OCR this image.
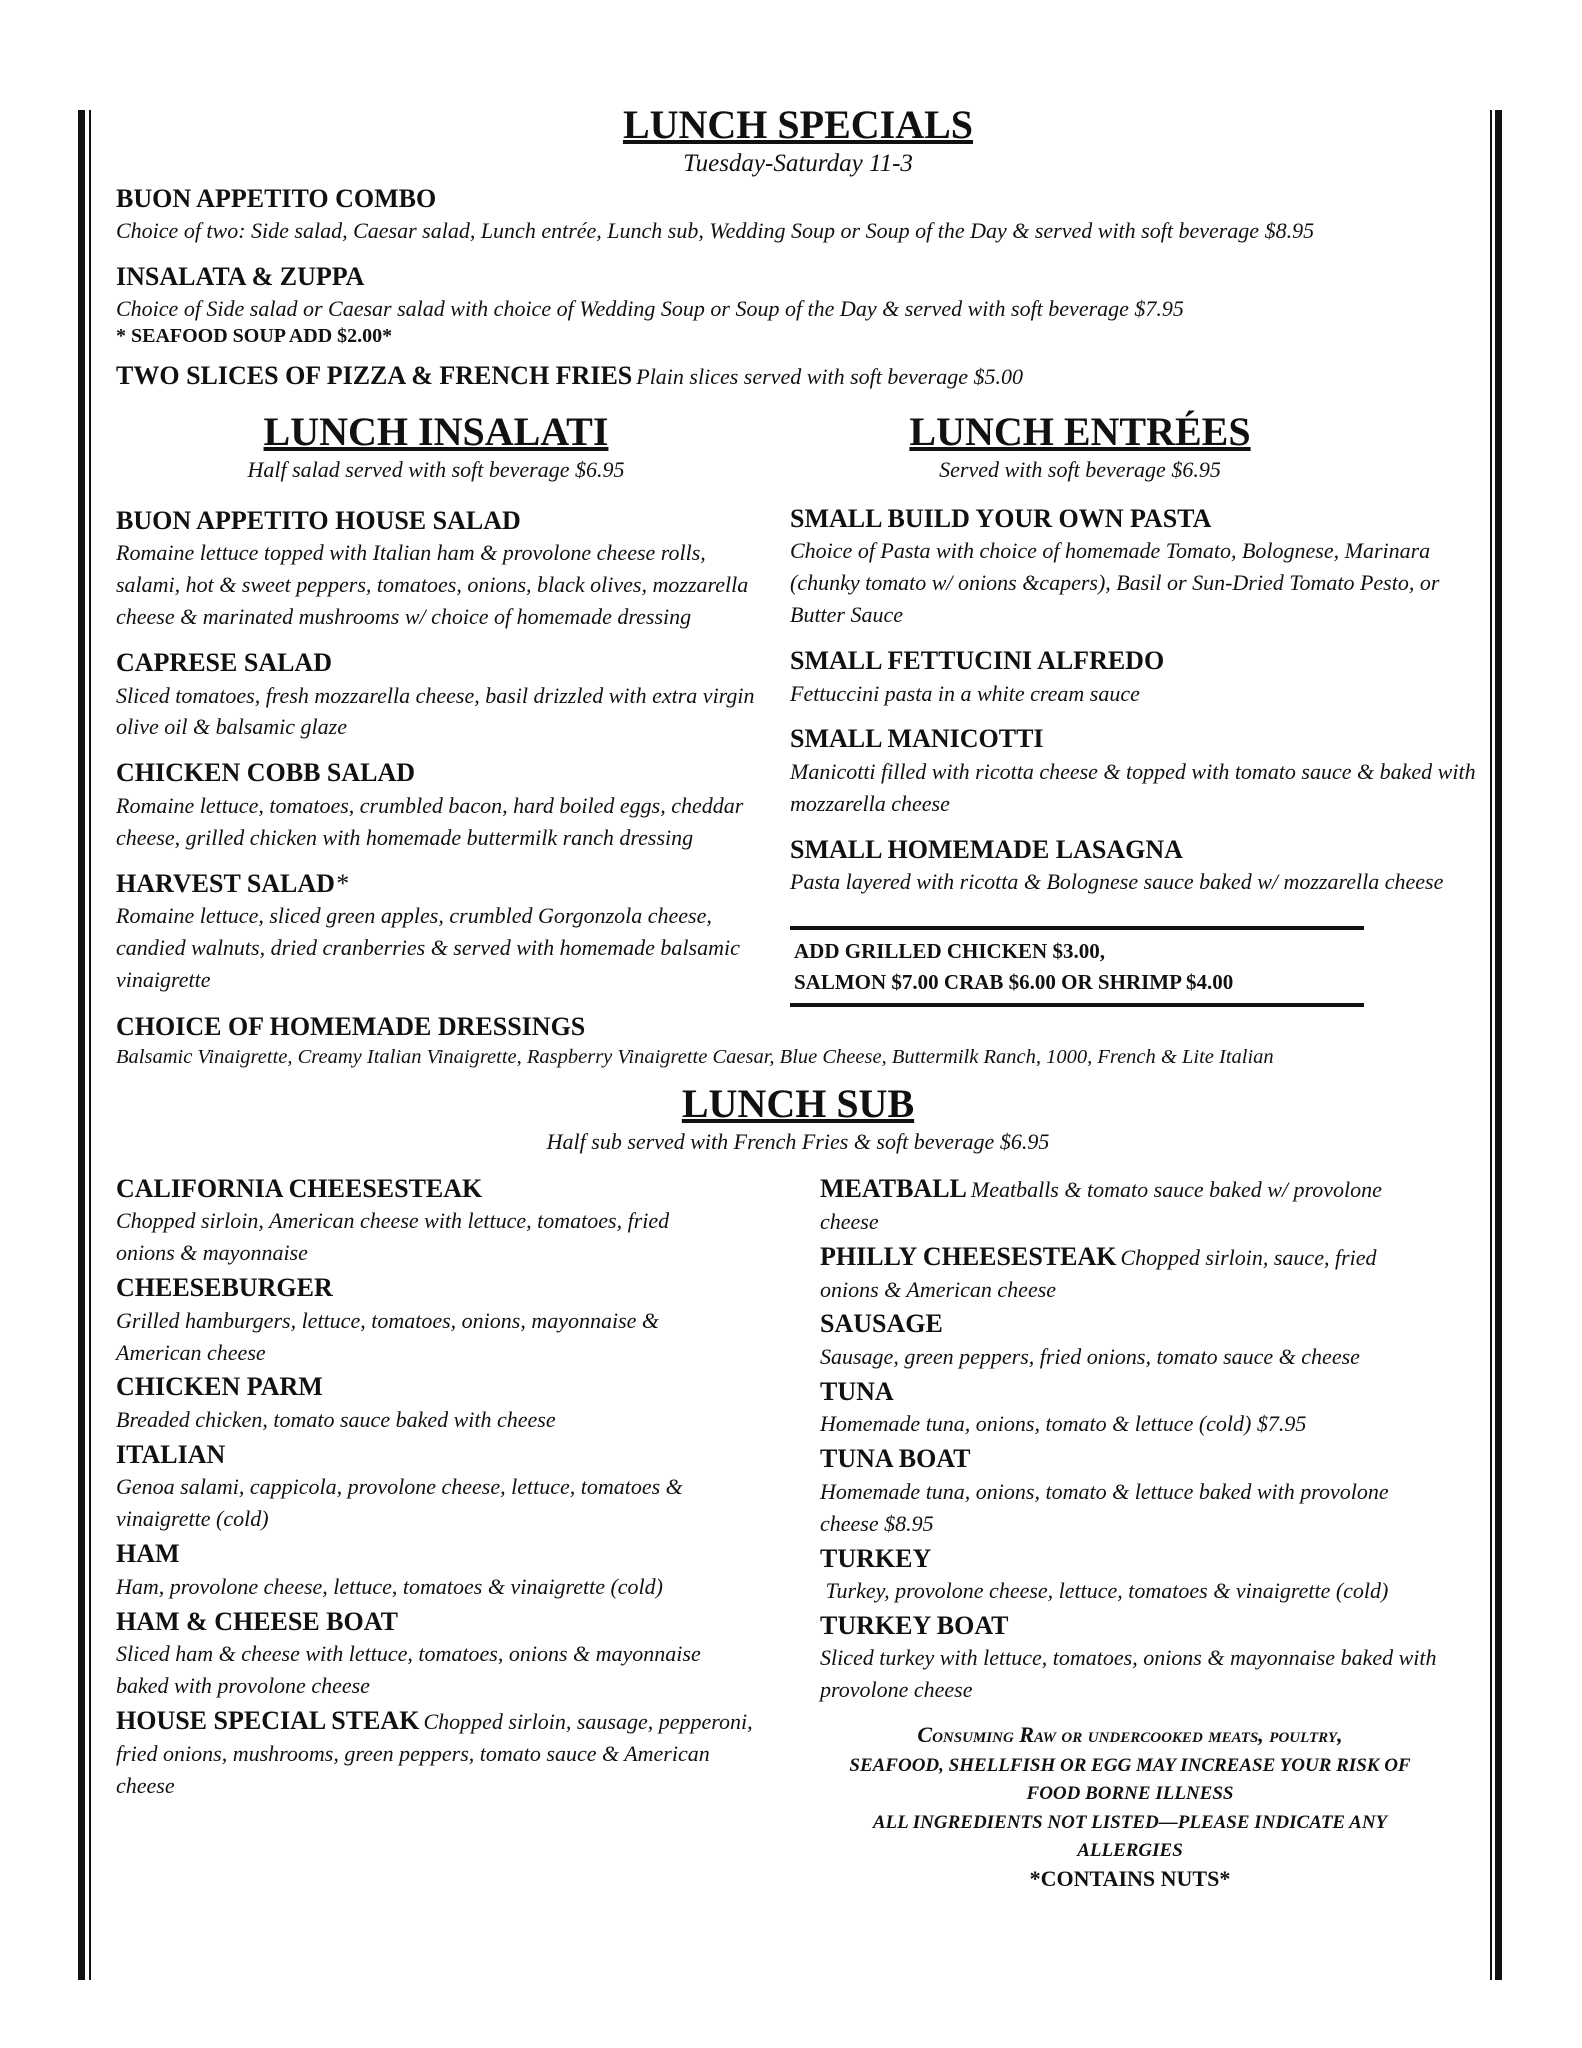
LUNCH SPECIALS
Tuesday-Saturday 11-3
BUON APPETITO COMBO
Choice of two: Side salad, Caesar salad, Lunch entrée, Lunch sub, Wedding Soup or Soup of the Day & served with soft beverage $8.95
INSALATA & ZUPPA
Choice of Side salad or Caesar salad with choice of Wedding Soup or Soup of the Day & served with soft beverage $7.95
* SEAFOOD SOUP ADD $2.00*
TWO SLICES OF PIZZA & FRENCH FRIES Plain slices served with soft beverage $5.00
LUNCH INSALATI
Half salad served with soft beverage $6.95
BUON APPETITO HOUSE SALAD
Romaine lettuce topped with Italian ham & provolone cheese rolls, salami, hot & sweet peppers, tomatoes, onions, black olives, mozzarella cheese & marinated mushrooms w/ choice of homemade dressing
CAPRESE SALAD
Sliced tomatoes, fresh mozzarella cheese, basil drizzled with extra virgin olive oil & balsamic glaze
CHICKEN COBB SALAD
Romaine lettuce, tomatoes, crumbled bacon, hard boiled eggs, cheddar cheese, grilled chicken with homemade buttermilk ranch dressing
HARVEST SALAD*
Romaine lettuce, sliced green apples, crumbled Gorgonzola cheese, candied walnuts, dried cranberries & served with homemade balsamic vinaigrette
LUNCH ENTRÉES
Served with soft beverage $6.95
SMALL BUILD YOUR OWN PASTA
Choice of Pasta with choice of homemade Tomato, Bolognese, Marinara (chunky tomato w/ onions &capers), Basil or Sun-Dried Tomato Pesto, or Butter Sauce
SMALL FETTUCINI ALFREDO
Fettuccini pasta in a white cream sauce
SMALL MANICOTTI
Manicotti filled with ricotta cheese & topped with tomato sauce & baked with mozzarella cheese
SMALL HOMEMADE LASAGNA
Pasta layered with ricotta & Bolognese sauce baked w/ mozzarella cheese
ADD GRILLED CHICKEN $3.00,
SALMON $7.00 CRAB $6.00 OR SHRIMP $4.00
CHOICE OF HOMEMADE DRESSINGS
Balsamic Vinaigrette, Creamy Italian Vinaigrette, Raspberry Vinaigrette Caesar, Blue Cheese, Buttermilk Ranch, 1000, French & Lite Italian
LUNCH SUB
Half sub served with French Fries & soft beverage $6.95
CALIFORNIA CHEESESTEAK
Chopped sirloin, American cheese with lettuce, tomatoes, fried onions & mayonnaise
CHEESEBURGER
Grilled hamburgers, lettuce, tomatoes, onions, mayonnaise & American cheese
CHICKEN PARM
Breaded chicken, tomato sauce baked with cheese
ITALIAN
Genoa salami, cappicola, provolone cheese, lettuce, tomatoes & vinaigrette (cold)
HAM
Ham, provolone cheese, lettuce, tomatoes & vinaigrette (cold)
HAM & CHEESE BOAT
Sliced ham & cheese with lettuce, tomatoes, onions & mayonnaise baked with provolone cheese
HOUSE SPECIAL STEAK Chopped sirloin, sausage, pepperoni, fried onions, mushrooms, green peppers, tomato sauce & American cheese
MEATBALL Meatballs & tomato sauce baked w/ provolone cheese
PHILLY CHEESESTEAK Chopped sirloin, sauce, fried onions & American cheese
SAUSAGE
Sausage, green peppers, fried onions, tomato sauce & cheese
TUNA
Homemade tuna, onions, tomato & lettuce (cold) $7.95
TUNA BOAT
Homemade tuna, onions, tomato & lettuce baked with provolone cheese $8.95
TURKEY
Turkey, provolone cheese, lettuce, tomatoes & vinaigrette (cold)
TURKEY BOAT
Sliced turkey with lettuce, tomatoes, onions & mayonnaise baked with provolone cheese
Consuming Raw or undercooked meats, poultry,
SEAFOOD, SHELLFISH OR EGG MAY INCREASE YOUR RISK OF
FOOD BORNE ILLNESS
ALL INGREDIENTS NOT LISTED—PLEASE INDICATE ANY ALLERGIES
*CONTAINS NUTS*
